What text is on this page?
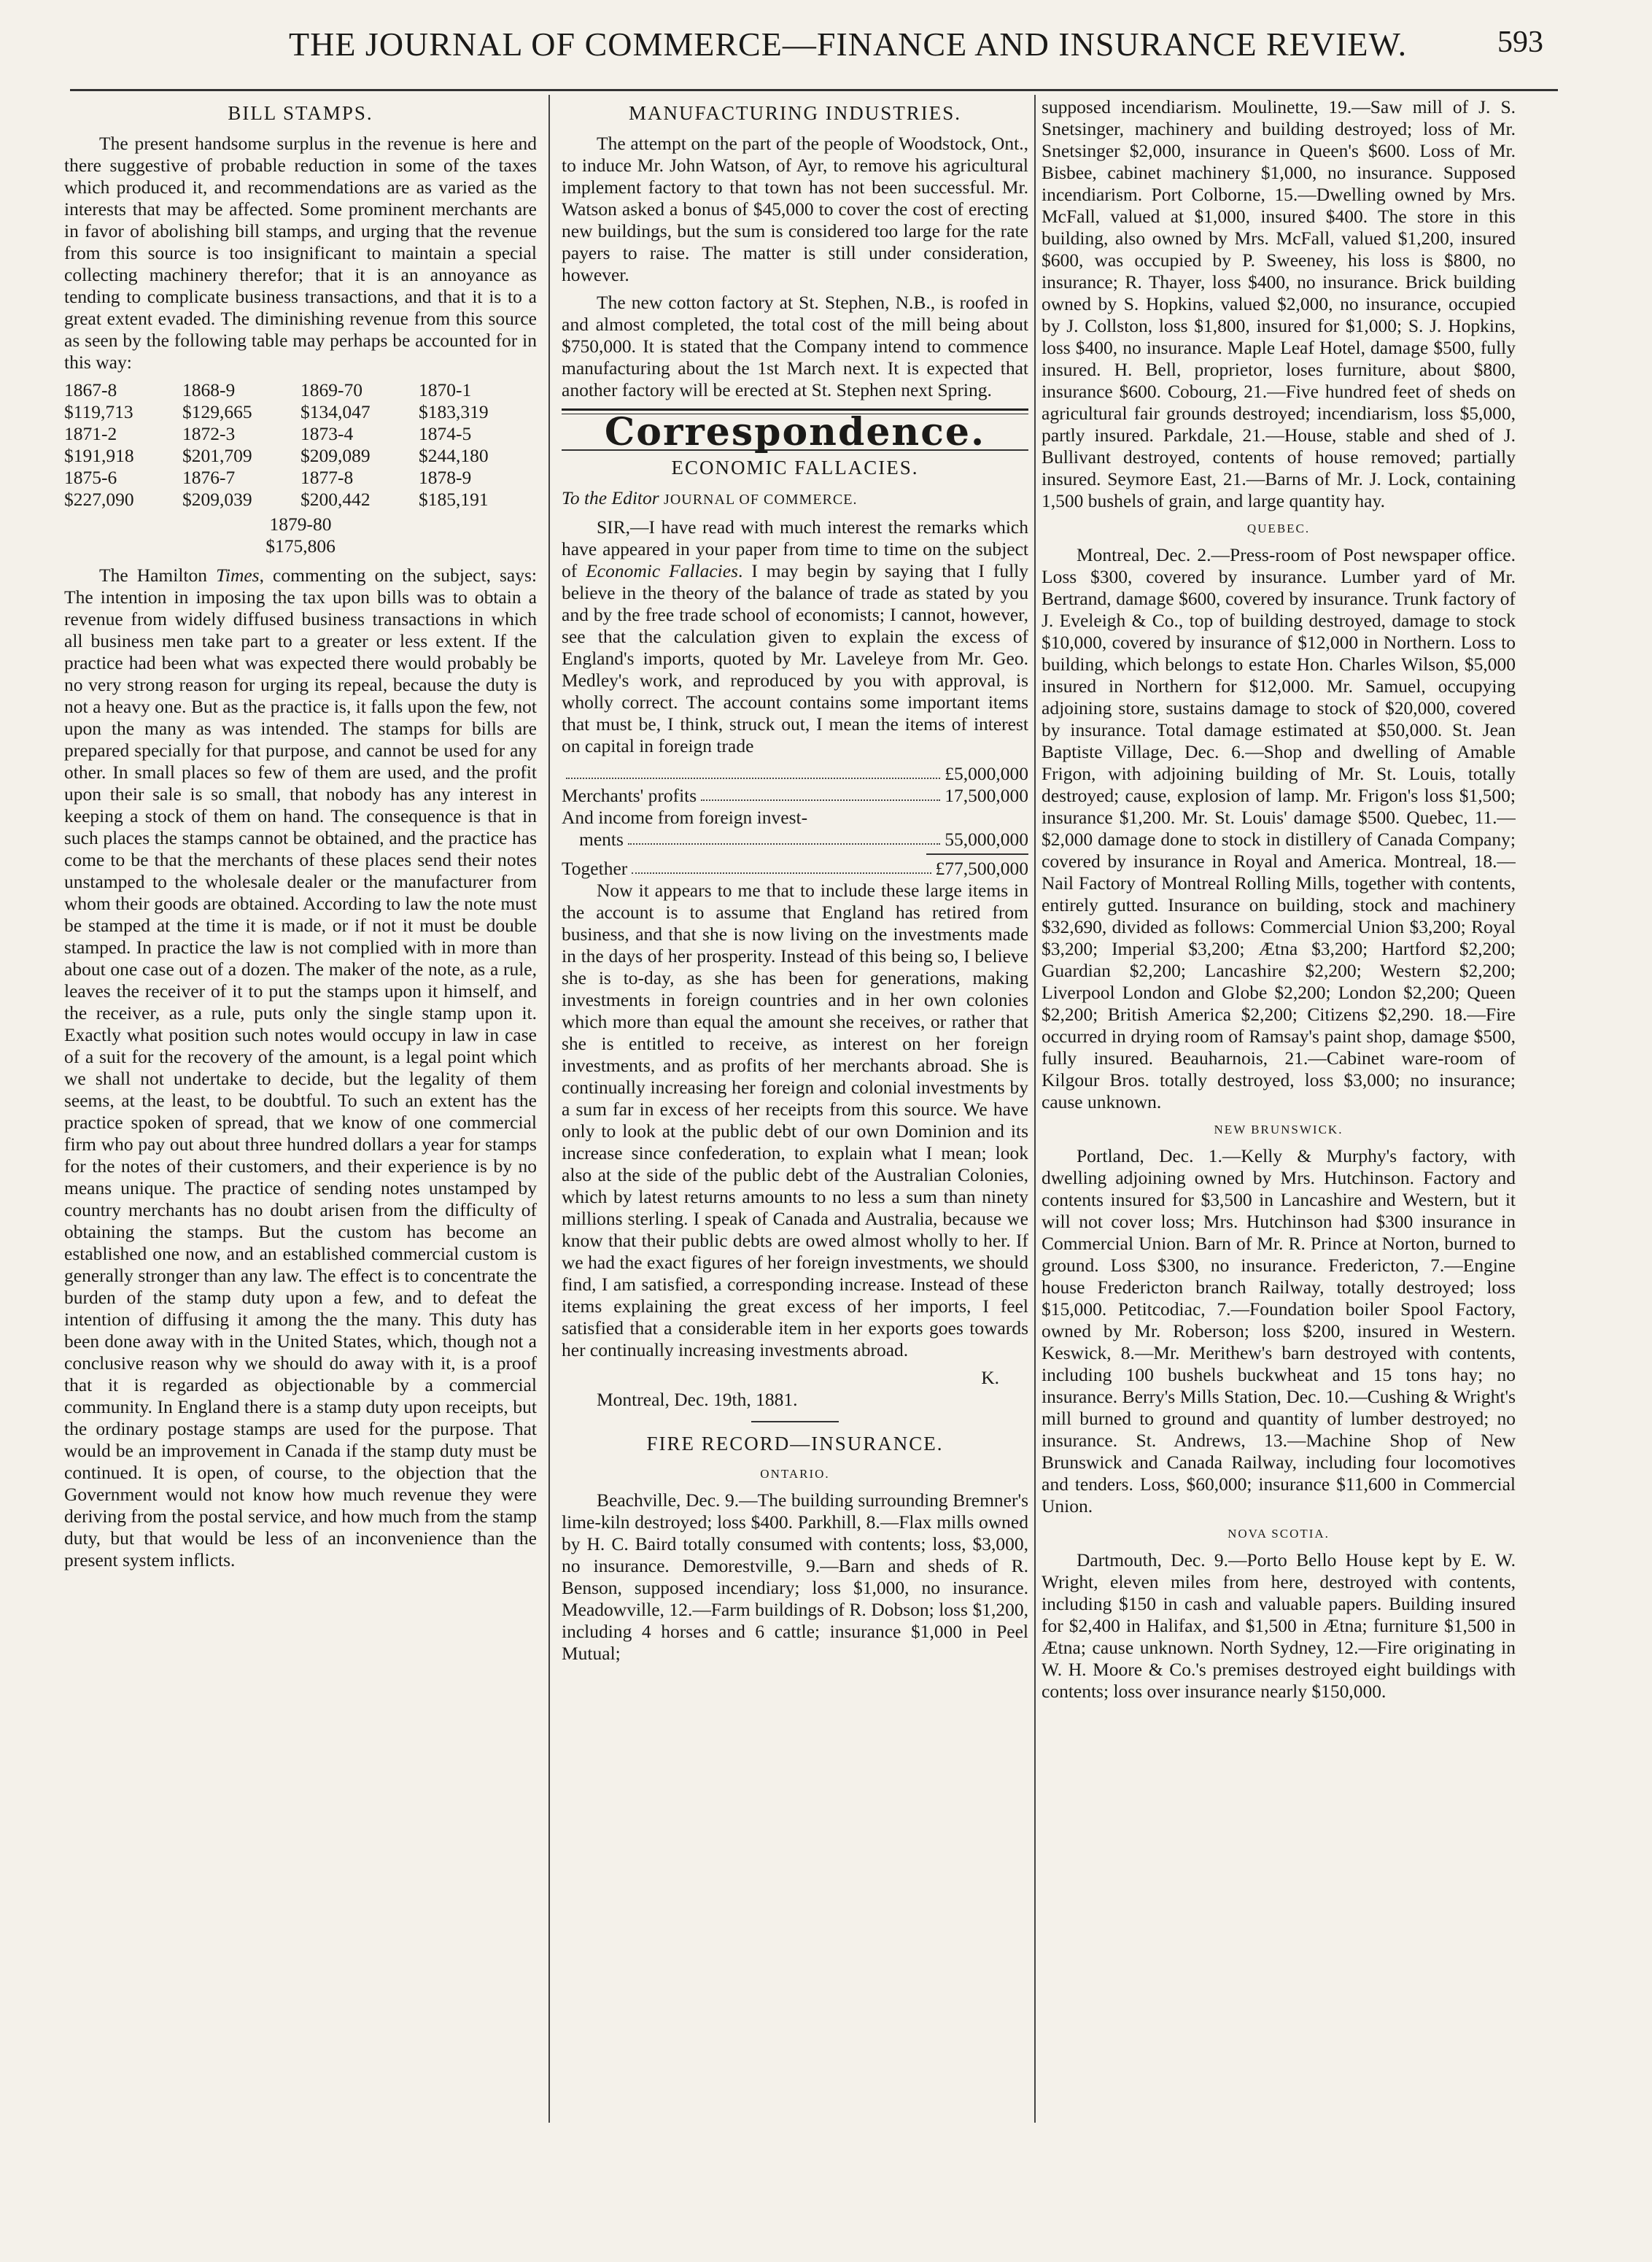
THE JOURNAL OF COMMERCE—FINANCE AND INSURANCE REVIEW.	593
BILL STAMPS.

The present handsome surplus in the revenue is here and there suggestive of probable reduction in some of the taxes which produced it, and recommendations are as varied as the interests that may be affected. Some prominent merchants are in favor of abolishing bill stamps, and urging that the revenue from this source is too insignificant to maintain a special collecting machinery therefor; that it is an annoyance as tending to complicate business transactions, and that it is to a great extent evaded. The diminishing revenue from this source as seen by the following table may perhaps be accounted for in this way:

1867-8	1868-9	1869-70	1870-1
$119,713	$129,665	$134,047	$183,319
1871-2	1872-3	1873-4	1874-5
$191,918	$201,709	$209,089	$244,180
1875-6	1876-7	1877-8	1878-9
$227,090	$209,039	$200,442	$185,191
1879-80
$175,806

The Hamilton Times, commenting on the subject, says: The intention in imposing the tax upon bills was to obtain a revenue from widely diffused business transactions in which all business men take part to a greater or less extent. If the practice had been what was expected there would probably be no very strong reason for urging its repeal, because the duty is not a heavy one. But as the practice is, it falls upon the few, not upon the many as was intended. The stamps for bills are prepared specially for that purpose, and cannot be used for any other. In small places so few of them are used, and the profit upon their sale is so small, that nobody has any interest in keeping a stock of them on hand. The consequence is that in such places the stamps cannot be obtained, and the practice has come to be that the merchants of these places send their notes unstamped to the wholesale dealer or the manufacturer from whom their goods are obtained. According to law the note must be stamped at the time it is made, or if not it must be double stamped. In practice the law is not complied with in more than about one case out of a dozen. The maker of the note, as a rule, leaves the receiver of it to put the stamps upon it himself, and the receiver, as a rule, puts only the single stamp upon it. Exactly what position such notes would occupy in law in case of a suit for the recovery of the amount, is a legal point which we shall not undertake to decide, but the legality of them seems, at the least, to be doubtful. To such an extent has the practice spoken of spread, that we know of one commercial firm who pay out about three hundred dollars a year for stamps for the notes of their customers, and their experience is by no means unique. The practice of sending notes unstamped by country merchants has no doubt arisen from the difficulty of obtaining the stamps. But the custom has become an established one now, and an established commercial custom is generally stronger than any law. The effect is to concentrate the burden of the stamp duty upon a few, and to defeat the intention of diffusing it among the the many. This duty has been done away with in the United States, which, though not a conclusive reason why we should do away with it, is a proof that it is regarded as objectionable by a commercial community. In England there is a stamp duty upon receipts, but the ordinary postage stamps are used for the purpose. That would be an improvement in Canada if the stamp duty must be continued. It is open, of course, to the objection that the Government would not know how much revenue they were deriving from the postal service, and how much from the stamp duty, but that would be less of an inconvenience than the present system inflicts.

MANUFACTURING INDUSTRIES.

The attempt on the part of the people of Woodstock, Ont., to induce Mr. John Watson, of Ayr, to remove his agricultural implement factory to that town has not been successful. Mr. Watson asked a bonus of $45,000 to cover the cost of erecting new buildings, but the sum is considered too large for the rate payers to raise. The matter is still under consideration, however.

The new cotton factory at St. Stephen, N.B., is roofed in and almost completed, the total cost of the mill being about $750,000. It is stated that the Company intend to commence manufacturing about the 1st March next. It is expected that another factory will be erected at St. Stephen next Spring.

Correspondence.
ECONOMIC FALLACIES.

To the Editor JOURNAL OF COMMERCE.

SIR,—I have read with much interest the remarks which have appeared in your paper from time to time on the subject of Economic Fallacies. I may begin by saying that I fully believe in the theory of the balance of trade as stated by you and by the free trade school of economists; I cannot, however, see that the calculation given to explain the excess of England's imports, quoted by Mr. Laveleye from Mr. Geo. Medley's work, and reproduced by you with approval, is wholly correct. The account contains some important items that must be, I think, struck out, I mean the items of interest on capital in foreign trade

£5,000,000
Merchants' profits	17,500,000
And income from foreign invest-
ments	55,000,000
Together	£77,500,000

Now it appears to me that to include these large items in the account is to assume that England has retired from business, and that she is now living on the investments made in the days of her prosperity. Instead of this being so, I believe she is to-day, as she has been for generations, making investments in foreign countries and in her own colonies which more than equal the amount she receives, or rather that she is entitled to receive, as interest on her foreign investments, and as profits of her merchants abroad. She is continually increasing her foreign and colonial investments by a sum far in excess of her receipts from this source. We have only to look at the public debt of our own Dominion and its increase since confederation, to explain what I mean; look also at the side of the public debt of the Australian Colonies, which by latest returns amounts to no less a sum than ninety millions sterling. I speak of Canada and Australia, because we know that their public debts are owed almost wholly to her. If we had the exact figures of her foreign investments, we should find, I am satisfied, a corresponding increase. Instead of these items explaining the great excess of her imports, I feel satisfied that a considerable item in her exports goes towards her continually increasing investments abroad.

K.

Montreal, Dec. 19th, 1881.

FIRE RECORD—INSURANCE.
ONTARIO.

Beachville, Dec. 9.—The building surrounding Bremner's lime-kiln destroyed; loss $400. Parkhill, 8.—Flax mills owned by H. C. Baird totally consumed with contents; loss, $3,000, no insurance. Demorestville, 9.—Barn and sheds of R. Benson, supposed incendiary; loss $1,000, no insurance. Meadowville, 12.—Farm buildings of R. Dobson; loss $1,200, including 4 horses and 6 cattle; insurance $1,000 in Peel Mutual;

supposed incendiarism. Moulinette, 19.—Saw mill of J. S. Snetsinger, machinery and building destroyed; loss of Mr. Snetsinger $2,000, insurance in Queen's $600. Loss of Mr. Bisbee, cabinet machinery $1,000, no insurance. Supposed incendiarism. Port Colborne, 15.—Dwelling owned by Mrs. McFall, valued at $1,000, insured $400. The store in this building, also owned by Mrs. McFall, valued $1,200, insured $600, was occupied by P. Sweeney, his loss is $800, no insurance; R. Thayer, loss $400, no insurance. Brick building owned by S. Hopkins, valued $2,000, no insurance, occupied by J. Collston, loss $1,800, insured for $1,000; S. J. Hopkins, loss $400, no insurance. Maple Leaf Hotel, damage $500, fully insured. H. Bell, proprietor, loses furniture, about $800, insurance $600. Cobourg, 21.—Five hundred feet of sheds on agricultural fair grounds destroyed; incendiarism, loss $5,000, partly insured. Parkdale, 21.—House, stable and shed of J. Bullivant destroyed, contents of house removed; partially insured. Seymore East, 21.—Barns of Mr. J. Lock, containing 1,500 bushels of grain, and large quantity hay.

QUEBEC.

Montreal, Dec. 2.—Press-room of Post newspaper office. Loss $300, covered by insurance. Lumber yard of Mr. Bertrand, damage $600, covered by insurance. Trunk factory of J. Eveleigh & Co., top of building destroyed, damage to stock $10,000, covered by insurance of $12,000 in Northern. Loss to building, which belongs to estate Hon. Charles Wilson, $5,000 insured in Northern for $12,000. Mr. Samuel, occupying adjoining store, sustains damage to stock of $20,000, covered by insurance. Total damage estimated at $50,000. St. Jean Baptiste Village, Dec. 6.—Shop and dwelling of Amable Frigon, with adjoining building of Mr. St. Louis, totally destroyed; cause, explosion of lamp. Mr. Frigon's loss $1,500; insurance $1,200. Mr. St. Louis' damage $500. Quebec, 11.—$2,000 damage done to stock in distillery of Canada Company; covered by insurance in Royal and America. Montreal, 18.—Nail Factory of Montreal Rolling Mills, together with contents, entirely gutted. Insurance on building, stock and machinery $32,690, divided as follows: Commercial Union $3,200; Royal $3,200; Imperial $3,200; Ætna $3,200; Hartford $2,200; Guardian $2,200; Lancashire $2,200; Western $2,200; Liverpool London and Globe $2,200; London $2,200; Queen $2,200; British America $2,200; Citizens $2,290. 18.—Fire occurred in drying room of Ramsay's paint shop, damage $500, fully insured. Beauharnois, 21.—Cabinet ware-room of Kilgour Bros. totally destroyed, loss $3,000; no insurance; cause unknown.

NEW BRUNSWICK.

Portland, Dec. 1.—Kelly & Murphy's factory, with dwelling adjoining owned by Mrs. Hutchinson. Factory and contents insured for $3,500 in Lancashire and Western, but it will not cover loss; Mrs. Hutchinson had $300 insurance in Commercial Union. Barn of Mr. R. Prince at Norton, burned to ground. Loss $300, no insurance. Fredericton, 7.—Engine house Fredericton branch Railway, totally destroyed; loss $15,000. Petitcodiac, 7.—Foundation boiler Spool Factory, owned by Mr. Roberson; loss $200, insured in Western. Keswick, 8.—Mr. Merithew's barn destroyed with contents, including 100 bushels buckwheat and 15 tons hay; no insurance. Berry's Mills Station, Dec. 10.—Cushing & Wright's mill burned to ground and quantity of lumber destroyed; no insurance. St. Andrews, 13.—Machine Shop of New Brunswick and Canada Railway, including four locomotives and tenders. Loss, $60,000; insurance $11,600 in Commercial Union.

NOVA SCOTIA.

Dartmouth, Dec. 9.—Porto Bello House kept by E. W. Wright, eleven miles from here, destroyed with contents, including $150 in cash and valuable papers. Building insured for $2,400 in Halifax, and $1,500 in Ætna; furniture $1,500 in Ætna; cause unknown. North Sydney, 12.—Fire originating in W. H. Moore & Co.'s premises destroyed eight buildings with contents; loss over insurance nearly $150,000.
